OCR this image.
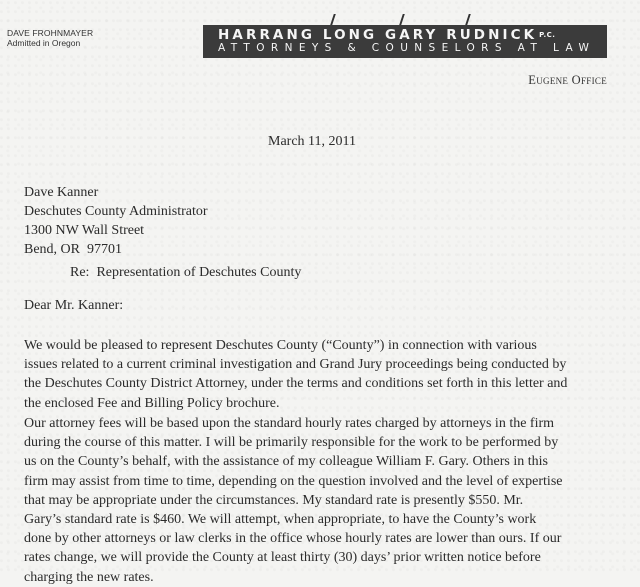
DAVE FROHNMAYER
Admitted in Oregon	HARRANG LONG GARY RUDNICK P.C.
ATTORNEYS & COUNSELORS AT LAW
Eugene Office
March 11, 2011
Dave Kanner
Deschutes County Administrator
1300 NW Wall Street
Bend, OR  97701
Re:  Representation of Deschutes County
Dear Mr. Kanner:
We would be pleased to represent Deschutes County (“County”) in connection with various
issues related to a current criminal investigation and Grand Jury proceedings being conducted by
the Deschutes County District Attorney, under the terms and conditions set forth in this letter and
the enclosed Fee and Billing Policy brochure.
Our attorney fees will be based upon the standard hourly rates charged by attorneys in the firm
during the course of this matter. I will be primarily responsible for the work to be performed by
us on the County’s behalf, with the assistance of my colleague William F. Gary. Others in this
firm may assist from time to time, depending on the question involved and the level of expertise
that may be appropriate under the circumstances. My standard rate is presently $550. Mr.
Gary’s standard rate is $460. We will attempt, when appropriate, to have the County’s work
done by other attorneys or law clerks in the office whose hourly rates are lower than ours. If our
rates change, we will provide the County at least thirty (30) days’ prior written notice before
charging the new rates.
